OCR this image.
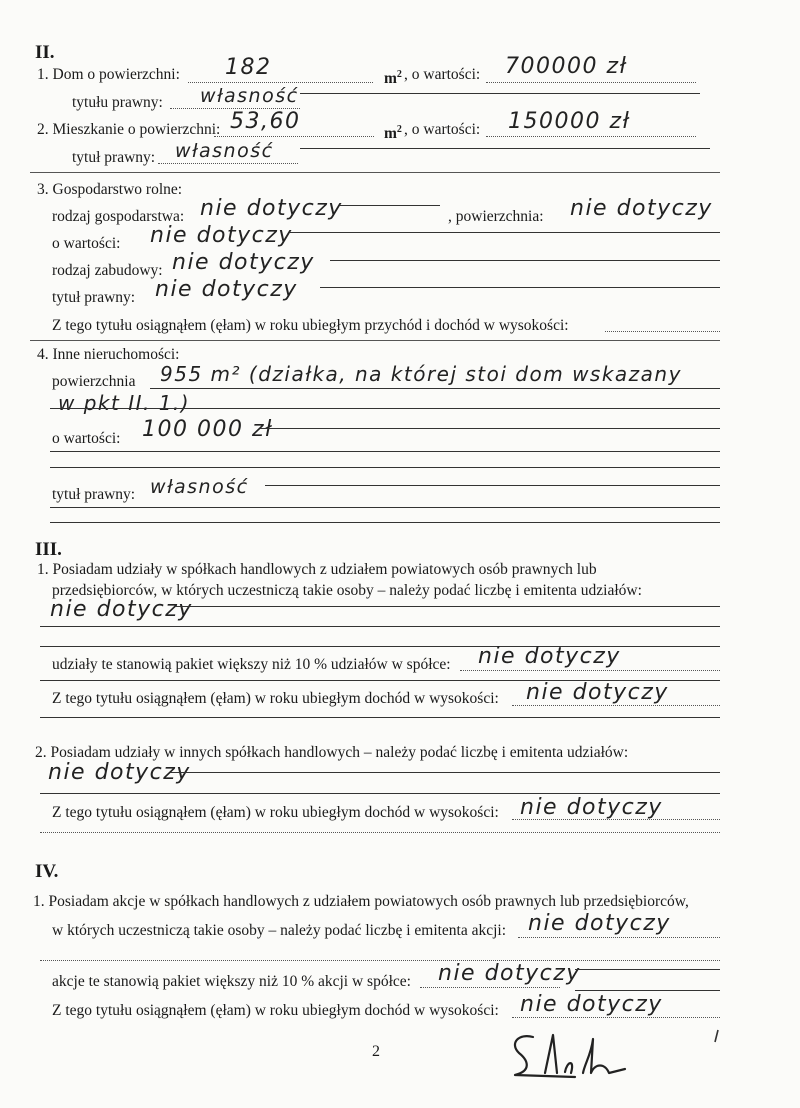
II.
1. Dom o powierzchni: 182	$m^2$ , o wartości: 700000 zł
tytułu prawny: własność
2. Mieszkanie o powierzchni: 53,60	$m^2$ , o wartości: 150000 zł
tytuł prawny: własność
3. Gospodarstwo rolne:
rodzaj gospodarstwa: nie dotyczy	, powierzchnia: nie dotyczy
o wartości: nie dotyczy
rodzaj zabudowy: nie dotyczy
tytuł prawny: nie dotyczy
Z tego tytułu osiągnąłem (ęłam) w roku ubiegłym przychód i dochód w wysokości:
4. Inne nieruchomości:
powierzchnia 955 m² (działka, na której stoi dom wskazany
w pkt II. 1.)
o wartości: 100 000 zł
tytuł prawny: własność
III.
1. Posiadam udziały w spółkach handlowych z udziałem powiatowych osób prawnych lub
przedsiębiorców, w których uczestniczą takie osoby – należy podać liczbę i emitenta udziałów:
nie dotyczy
udziały te stanowią pakiet większy niż 10 % udziałów w spółce: nie dotyczy
Z tego tytułu osiągnąłem (ęłam) w roku ubiegłym dochód w wysokości: nie dotyczy
2. Posiadam udziały w innych spółkach handlowych – należy podać liczbę i emitenta udziałów:
nie dotyczy
Z tego tytułu osiągnąłem (ęłam) w roku ubiegłym dochód w wysokości: nie dotyczy
IV.
1. Posiadam akcje w spółkach handlowych z udziałem powiatowych osób prawnych lub przedsiębiorców,
w których uczestniczą takie osoby – należy podać liczbę i emitenta akcji: nie dotyczy
akcje te stanowią pakiet większy niż 10 % akcji w spółce: nie dotyczy
Z tego tytułu osiągnąłem (ęłam) w roku ubiegłym dochód w wysokości: nie dotyczy
2
